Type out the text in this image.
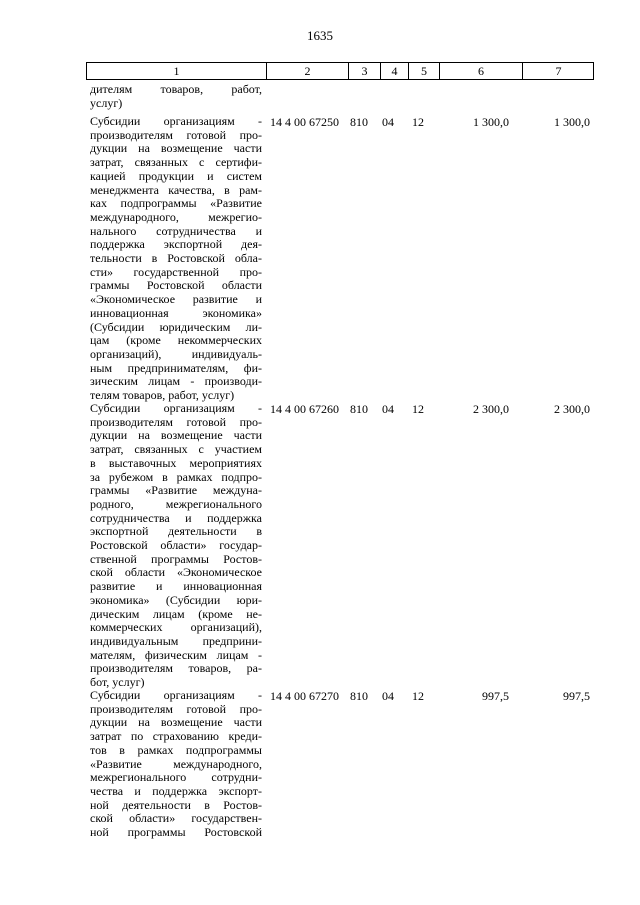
1635
1	2	3	4	5	6	7
дителям товаров, работ,
услуг)
Субсидии организациям -
производителям готовой про-
дукции на возмещение части
затрат, связанных с сертифи-
кацией продукции и систем
менеджмента качества, в рам-
ках подпрограммы «Развитие
международного, межрегио-
нального сотрудничества и
поддержка экспортной дея-
тельности в Ростовской обла-
сти» государственной про-
граммы Ростовской области
«Экономическое развитие и
инновационная экономика»
(Субсидии юридическим ли-
цам (кроме некоммерческих
организаций), индивидуаль-
ным предпринимателям, фи-
зическим лицам - производи-
телям товаров, работ, услуг)
14 4 00 67250 810 04 12	1 300,0	1 300,0
Субсидии организациям -
производителям готовой про-
дукции на возмещение части
затрат, связанных с участием
в выставочных мероприятиях
за рубежом в рамках подпро-
граммы «Развитие междуна-
родного, межрегионального
сотрудничества и поддержка
экспортной деятельности в
Ростовской области» государ-
ственной программы Ростов-
ской области «Экономическое
развитие и инновационная
экономика» (Субсидии юри-
дическим лицам (кроме не-
коммерческих организаций),
индивидуальным предприни-
мателям, физическим лицам -
производителям товаров, ра-
бот, услуг)
14 4 00 67260 810 04 12	2 300,0	2 300,0
Субсидии организациям -
производителям готовой про-
дукции на возмещение части
затрат по страхованию креди-
тов в рамках подпрограммы
«Развитие международного,
межрегионального сотрудни-
чества и поддержка экспорт-
ной деятельности в Ростов-
ской области» государствен-
ной программы Ростовской
14 4 00 67270 810 04 12	997,5	997,5
